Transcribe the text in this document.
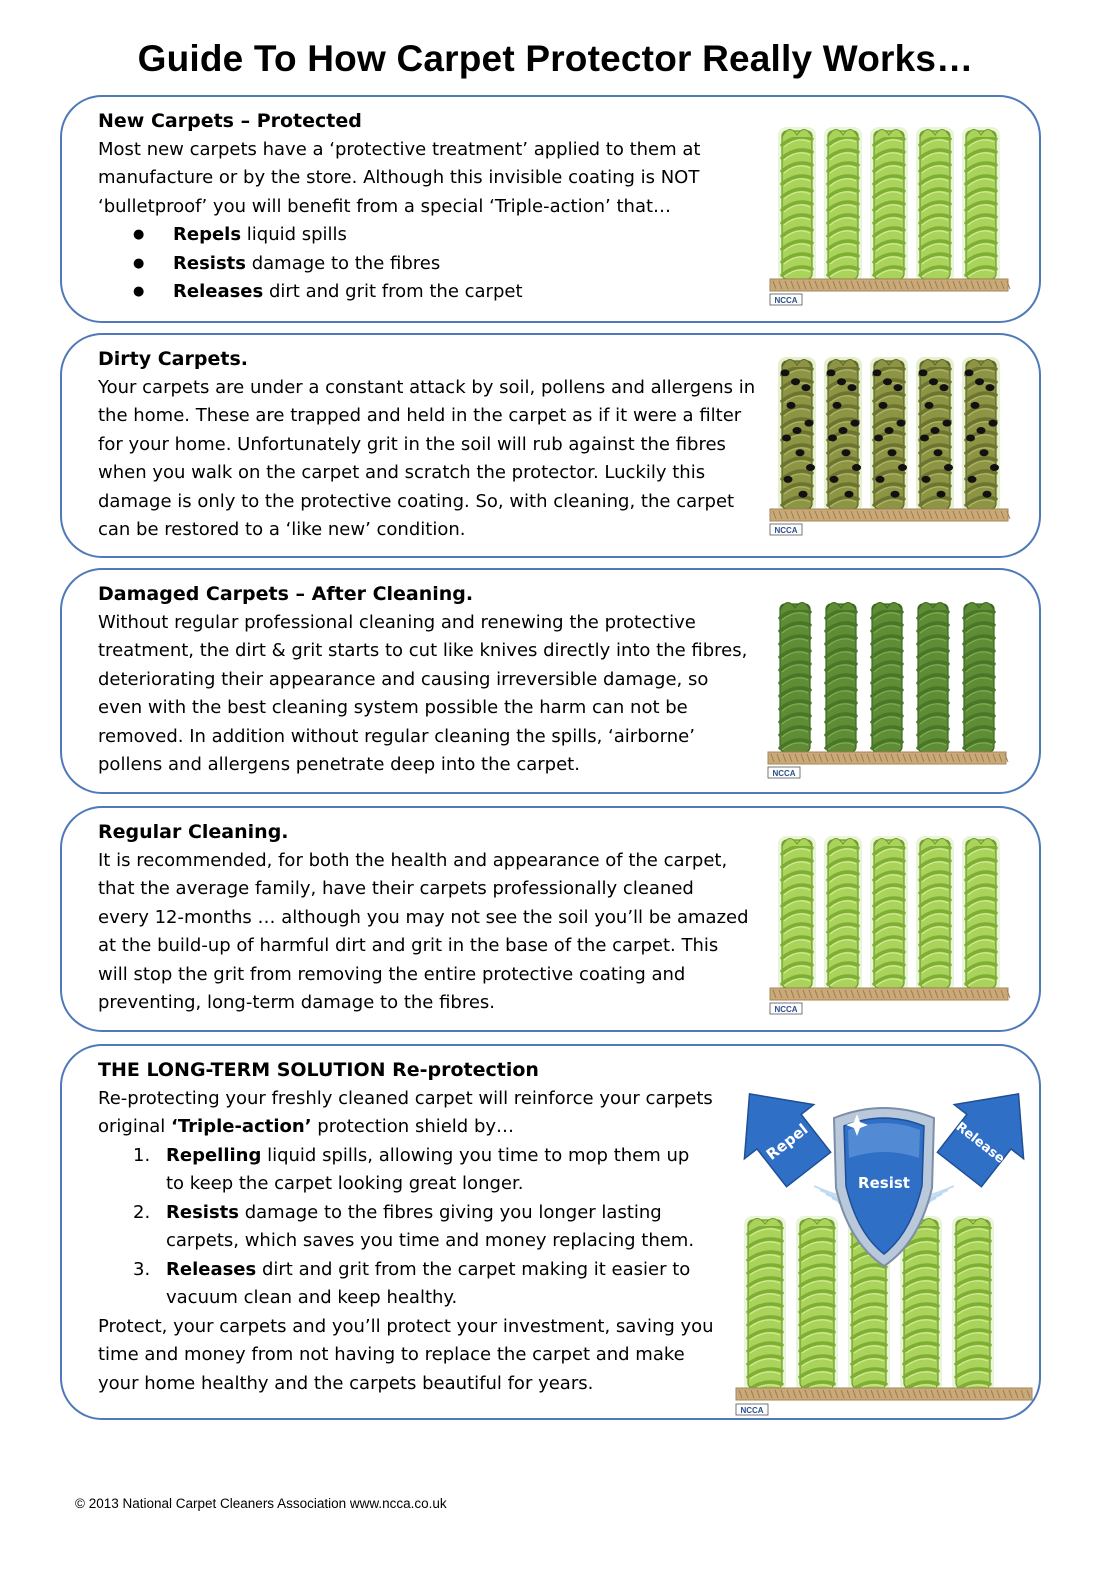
Guide To How Carpet Protector Really Works…
New Carpets – Protected
Most new carpets have a ‘protective treatment’ applied to them at manufacture or by the store. Although this invisible coating is NOT ‘bulletproof’ you will benefit from a special ‘Triple-action’ that…
● Repels liquid spills
● Resists damage to the fibres
● Releases dirt and grit from the carpet	NCCA
Dirty Carpets.
Your carpets are under a constant attack by soil, pollens and allergens in the home. These are trapped and held in the carpet as if it were a filter for your home. Unfortunately grit in the soil will rub against the fibres when you walk on the carpet and scratch the protector. Luckily this damage is only to the protective coating. So, with cleaning, the carpet can be restored to a ‘like new’ condition.	NCCA
Damaged Carpets – After Cleaning.
Without regular professional cleaning and renewing the protective treatment, the dirt & grit starts to cut like knives directly into the fibres, deteriorating their appearance and causing irreversible damage, so even with the best cleaning system possible the harm can not be removed. In addition without regular cleaning the spills, ‘airborne’ pollens and allergens penetrate deep into the carpet.	NCCA
Regular Cleaning.
It is recommended, for both the health and appearance of the carpet, that the average family, have their carpets professionally cleaned every 12-months … although you may not see the soil you’ll be amazed at the build-up of harmful dirt and grit in the base of the carpet. This will stop the grit from removing the entire protective coating and preventing, long-term damage to the fibres.	NCCA
THE LONG-TERM SOLUTION Re-protection
Re-protecting your freshly cleaned carpet will reinforce your carpets original ‘Triple-action’ protection shield by…
1. Repelling liquid spills, allowing you time to mop them up to keep the carpet looking great longer.
2. Resists damage to the fibres giving you longer lasting carpets, which saves you time and money replacing them.
3. Releases dirt and grit from the carpet making it easier to vacuum clean and keep healthy.
Protect, your carpets and you’ll protect your investment, saving you time and money from not having to replace the carpet and make your home healthy and the carpets beautiful for years.
NCCA
Repel	Release
Resist
© 2013 National Carpet Cleaners Association www.ncca.co.uk
